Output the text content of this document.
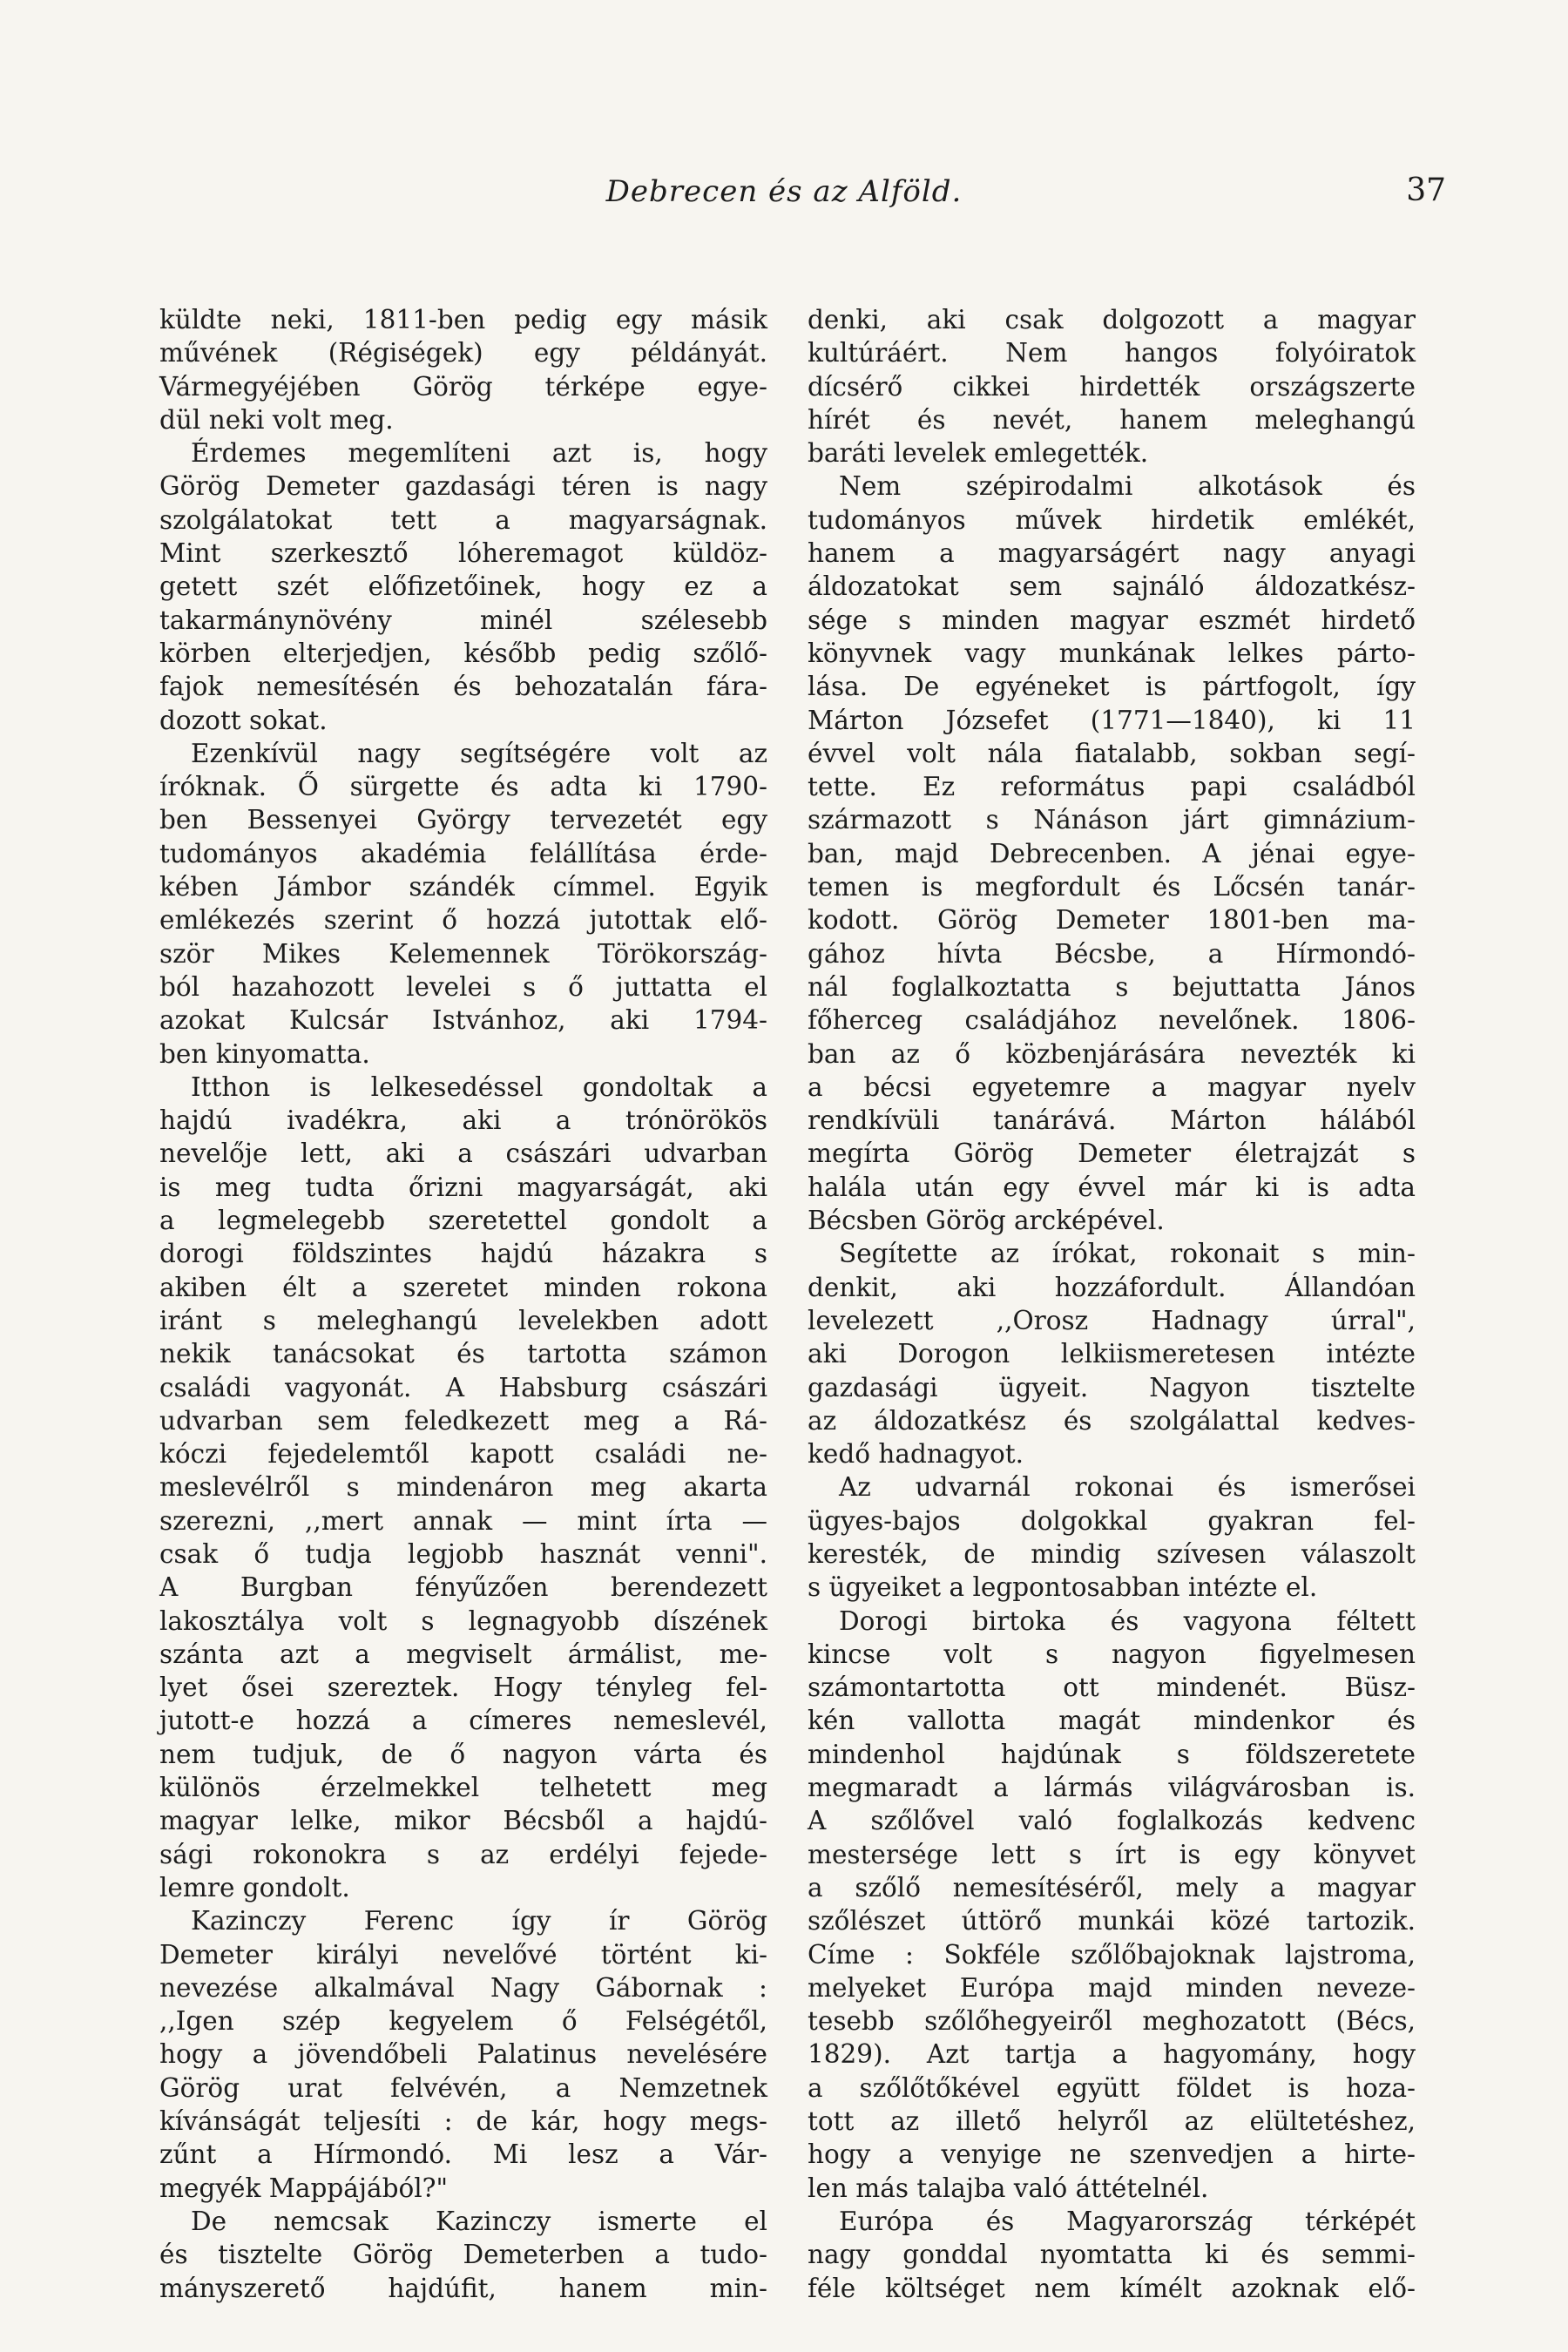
Debrecen és az Alföld.	37
küldte neki, 1811-ben pedig egy másik
művének (Régiségek) egy példányát.
Vármegyéjében Görög térképe egye-
dül neki volt meg.
Érdemes megemlíteni azt is, hogy
Görög Demeter gazdasági téren is nagy
szolgálatokat tett a magyarságnak.
Mint szerkesztő lóheremagot küldöz-
getett szét előfizetőinek, hogy ez a
takarmánynövény minél szélesebb
körben elterjedjen, később pedig szőlő-
fajok nemesítésén és behozatalán fára-
dozott sokat.
Ezenkívül nagy segítségére volt az
íróknak. Ő sürgette és adta ki 1790-
ben Bessenyei György tervezetét egy
tudományos akadémia felállítása érde-
kében Jámbor szándék címmel. Egyik
emlékezés szerint ő hozzá jutottak elő-
ször Mikes Kelemennek Törökország-
ból hazahozott levelei s ő juttatta el
azokat Kulcsár Istvánhoz, aki 1794-
ben kinyomatta.
Itthon is lelkesedéssel gondoltak a
hajdú ivadékra, aki a trónörökös
nevelője lett, aki a császári udvarban
is meg tudta őrizni magyarságát, aki
a legmelegebb szeretettel gondolt a
dorogi földszintes hajdú házakra s
akiben élt a szeretet minden rokona
iránt s meleghangú levelekben adott
nekik tanácsokat és tartotta számon
családi vagyonát. A Habsburg császári
udvarban sem feledkezett meg a Rá-
kóczi fejedelemtől kapott családi ne-
meslevélről s mindenáron meg akarta
szerezni, ,,mert annak — mint írta —
csak ő tudja legjobb hasznát venni".
A Burgban fényűzően berendezett
lakosztálya volt s legnagyobb díszének
szánta azt a megviselt ármálist, me-
lyet ősei szereztek. Hogy tényleg fel-
jutott-e hozzá a címeres nemeslevél,
nem tudjuk, de ő nagyon várta és
különös érzelmekkel telhetett meg
magyar lelke, mikor Bécsből a hajdú-
sági rokonokra s az erdélyi fejede-
lemre gondolt.
Kazinczy Ferenc így ír Görög
Demeter királyi nevelővé történt ki-
nevezése alkalmával Nagy Gábornak :
,,Igen szép kegyelem ő Felségétől,
hogy a jövendőbeli Palatinus nevelésére
Görög urat felvévén, a Nemzetnek
kívánságát teljesíti : de kár, hogy megs-
zűnt a Hírmondó. Mi lesz a Vár-
megyék Mappájából?"
De nemcsak Kazinczy ismerte el
és tisztelte Görög Demeterben a tudo-
mányszerető hajdúfit, hanem min-
denki, aki csak dolgozott a magyar
kultúráért. Nem hangos folyóiratok
dícsérő cikkei hirdették országszerte
hírét és nevét, hanem meleghangú
baráti levelek emlegették.
Nem szépirodalmi alkotások és
tudományos művek hirdetik emlékét,
hanem a magyarságért nagy anyagi
áldozatokat sem sajnáló áldozatkész-
sége s minden magyar eszmét hirdető
könyvnek vagy munkának lelkes párto-
lása. De egyéneket is pártfogolt, így
Márton Józsefet (1771—1840), ki 11
évvel volt nála fiatalabb, sokban segí-
tette. Ez református papi családból
származott s Nánáson járt gimnázium-
ban, majd Debrecenben. A jénai egye-
temen is megfordult és Lőcsén tanár-
kodott. Görög Demeter 1801-ben ma-
gához hívta Bécsbe, a Hírmondó-
nál foglalkoztatta s bejuttatta János
főherceg családjához nevelőnek. 1806-
ban az ő közbenjárására nevezték ki
a bécsi egyetemre a magyar nyelv
rendkívüli tanárává. Márton hálából
megírta Görög Demeter életrajzát s
halála után egy évvel már ki is adta
Bécsben Görög arcképével.
Segítette az írókat, rokonait s min-
denkit, aki hozzáfordult. Állandóan
levelezett ,,Orosz Hadnagy úrral",
aki Dorogon lelkiismeretesen intézte
gazdasági ügyeit. Nagyon tisztelte
az áldozatkész és szolgálattal kedves-
kedő hadnagyot.
Az udvarnál rokonai és ismerősei
ügyes-bajos dolgokkal gyakran fel-
keresték, de mindig szívesen válaszolt
s ügyeiket a legpontosabban intézte el.
Dorogi birtoka és vagyona féltett
kincse volt s nagyon figyelmesen
számontartotta ott mindenét. Büsz-
kén vallotta magát mindenkor és
mindenhol hajdúnak s földszeretete
megmaradt a lármás világvárosban is.
A szőlővel való foglalkozás kedvenc
mestersége lett s írt is egy könyvet
a szőlő nemesítéséről, mely a magyar
szőlészet úttörő munkái közé tartozik.
Címe : Sokféle szőlőbajoknak lajstroma,
melyeket Európa majd minden neveze-
tesebb szőlőhegyeiről meghozatott (Bécs,
1829). Azt tartja a hagyomány, hogy
a szőlőtőkével együtt földet is hoza-
tott az illető helyről az elültetéshez,
hogy a venyige ne szenvedjen a hirte-
len más talajba való áttételnél.
Európa és Magyarország térképét
nagy gonddal nyomtatta ki és semmi-
féle költséget nem kímélt azoknak elő-
